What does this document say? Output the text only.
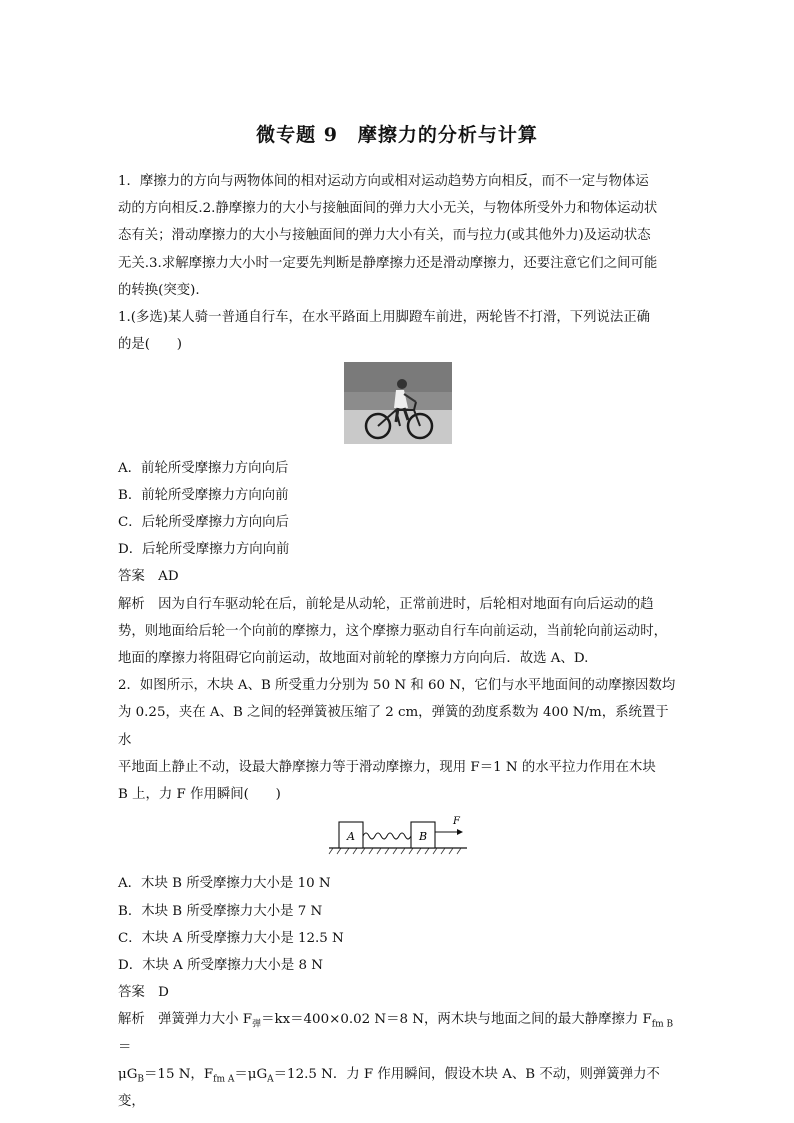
微专题 9　摩擦力的分析与计算

1．摩擦力的方向与两物体间的相对运动方向或相对运动趋势方向相反，而不一定与物体运

动的方向相反.2.静摩擦力的大小与接触面间的弹力大小无关，与物体所受外力和物体运动状

态有关；滑动摩擦力的大小与接触面间的弹力大小有关，而与拉力(或其他外力)及运动状态

无关.3.求解摩擦力大小时一定要先判断是静摩擦力还是滑动摩擦力，还要注意它们之间可能

的转换(突变).

1.(多选)某人骑一普通自行车，在水平路面上用脚蹬车前进，两轮皆不打滑，下列说法正确

的是(　　)

A．前轮所受摩擦力方向向后

B．前轮所受摩擦力方向向前

C．后轮所受摩擦力方向向后

D．后轮所受摩擦力方向向前

答案　 AD

解析　 因为自行车驱动轮在后，前轮是从动轮，正常前进时，后轮相对地面有向后运动的趋

势，则地面给后轮一个向前的摩擦力，这个摩擦力驱动自行车向前运动，当前轮向前运动时，

地面的摩擦力将阻碍它向前运动，故地面对前轮的摩擦力方向向后．故选 A、D.

2．如图所示，木块 A、B 所受重力分别为 50 N 和 60 N，它们与水平地面间的动摩擦因数均

为 0.25，夹在 A、B 之间的轻弹簧被压缩了 2 cm，弹簧的劲度系数为 400 N/m，系统置于水

平地面上静止不动，设最大静摩擦力等于滑动摩擦力，现用 F＝1 N 的水平拉力作用在木块

B 上，力 F 作用瞬间(　　)

A	B
F

A．木块 B 所受摩擦力大小是 10 N

B．木块 B 所受摩擦力大小是 7 N

C．木块 A 所受摩擦力大小是 12.5 N

D．木块 A 所受摩擦力大小是 8 N

答案　 D

解析　 弹簧弹力大小 $F_弹=kx=400\times 0.02$ N＝8 N，两木块与地面之间的最大静摩擦力 $F_{fm B}=$

$\mu G_B=15$ N，$F_{fm A}=\mu G_A=12.5$ N．力 F 作用瞬间，假设木块 A、B 不动，则弹簧弹力不变，
